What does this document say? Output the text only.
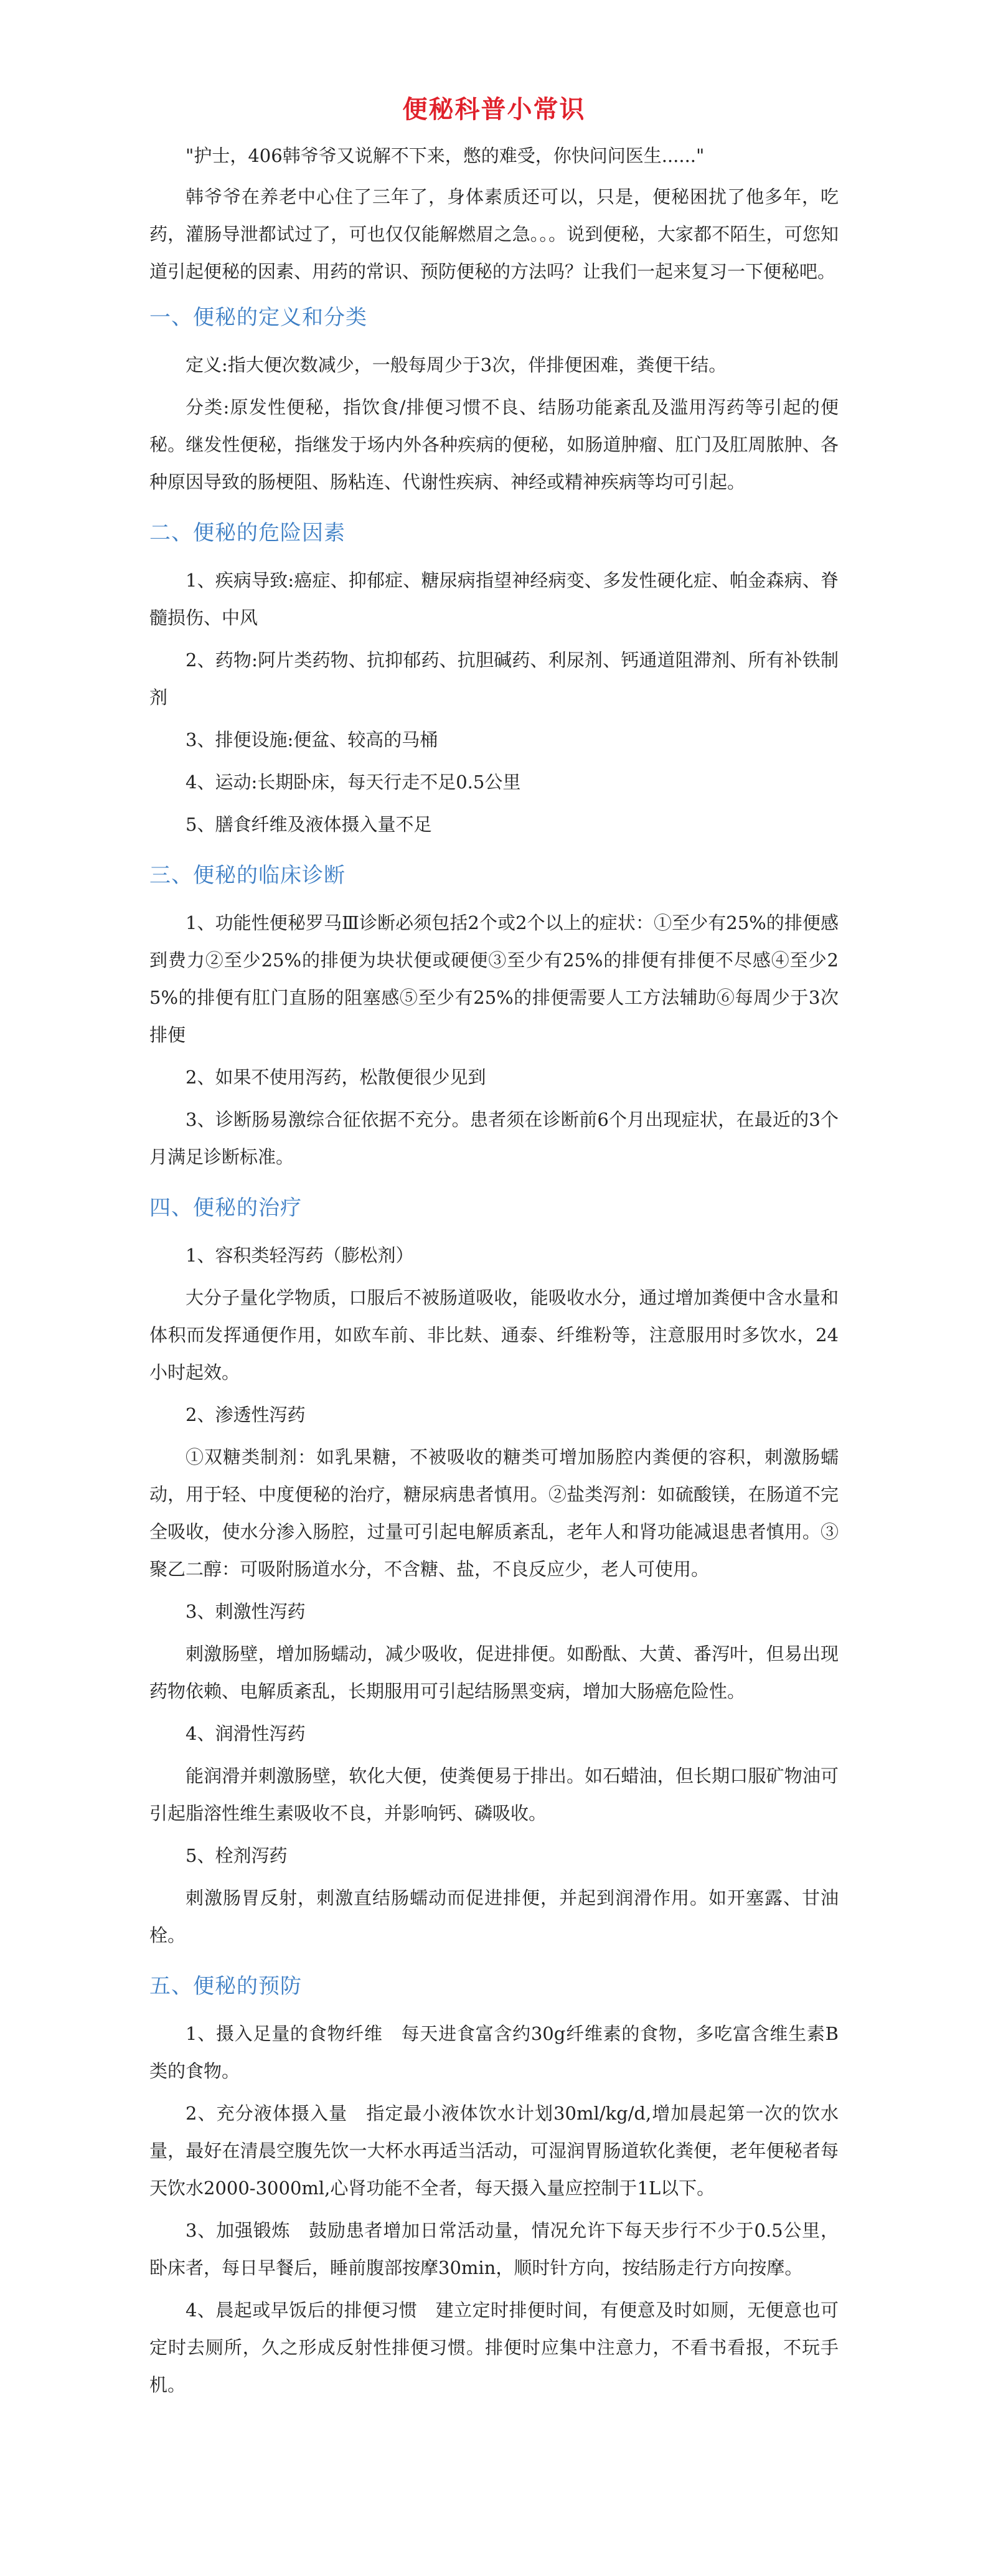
便秘科普小常识

"护士，406韩爷爷又说解不下来，憋的难受，你快问问医生......"

韩爷爷在养老中心住了三年了，身体素质还可以，只是，便秘困扰了他多年，吃药，灌肠导泄都试过了，可也仅仅能解燃眉之急。。。说到便秘，大家都不陌生，可您知道引起便秘的因素、用药的常识、预防便秘的方法吗？让我们一起来复习一下便秘吧。

一、便秘的定义和分类

定义:指大便次数减少，一般每周少于3次，伴排便困难，粪便干结。

分类:原发性便秘，指饮食/排便习惯不良、结肠功能紊乱及滥用泻药等引起的便秘。继发性便秘，指继发于场内外各种疾病的便秘，如肠道肿瘤、肛门及肛周脓肿、各种原因导致的肠梗阻、肠粘连、代谢性疾病、神经或精神疾病等均可引起。

二、便秘的危险因素

1、疾病导致:癌症、抑郁症、糖尿病指望神经病变、多发性硬化症、帕金森病、脊髓损伤、中风

2、药物:阿片类药物、抗抑郁药、抗胆碱药、利尿剂、钙通道阻滞剂、所有补铁制剂

3、排便设施:便盆、较高的马桶

4、运动:长期卧床，每天行走不足0.5公里

5、膳食纤维及液体摄入量不足

三、便秘的临床诊断

1、功能性便秘罗马Ⅲ诊断必须包括2个或2个以上的症状：①至少有25%的排便感到费力②至少25%的排便为块状便或硬便③至少有25%的排便有排便不尽感④至少25%的排便有肛门直肠的阻塞感⑤至少有25%的排便需要人工方法辅助⑥每周少于3次排便

2、如果不使用泻药，松散便很少见到

3、诊断肠易激综合征依据不充分。患者须在诊断前6个月出现症状，在最近的3个月满足诊断标准。

四、便秘的治疗

1、容积类轻泻药（膨松剂）

大分子量化学物质，口服后不被肠道吸收，能吸收水分，通过增加粪便中含水量和体积而发挥通便作用，如欧车前、非比麸、通泰、纤维粉等，注意服用时多饮水，24小时起效。

2、渗透性泻药

①双糖类制剂：如乳果糖，不被吸收的糖类可增加肠腔内粪便的容积，刺激肠蠕动，用于轻、中度便秘的治疗，糖尿病患者慎用。②盐类泻剂：如硫酸镁，在肠道不完全吸收，使水分渗入肠腔，过量可引起电解质紊乱，老年人和肾功能减退患者慎用。③聚乙二醇：可吸附肠道水分，不含糖、盐，不良反应少，老人可使用。

3、刺激性泻药

刺激肠壁，增加肠蠕动，减少吸收，促进排便。如酚酞、大黄、番泻叶，但易出现药物依赖、电解质紊乱，长期服用可引起结肠黑变病，增加大肠癌危险性。

4、润滑性泻药

能润滑并刺激肠壁，软化大便，使粪便易于排出。如石蜡油，但长期口服矿物油可引起脂溶性维生素吸收不良，并影响钙、磷吸收。

5、栓剂泻药

刺激肠胃反射，刺激直结肠蠕动而促进排便，并起到润滑作用。如开塞露、甘油栓。

五、便秘的预防

1、摄入足量的食物纤维　每天进食富含约30g纤维素的食物，多吃富含维生素B类的食物。

2、充分液体摄入量　指定最小液体饮水计划30ml/kg/d,增加晨起第一次的饮水量，最好在清晨空腹先饮一大杯水再适当活动，可湿润胃肠道软化粪便，老年便秘者每天饮水2000-3000ml,心肾功能不全者，每天摄入量应控制于1L以下。

3、加强锻炼　鼓励患者增加日常活动量，情况允许下每天步行不少于0.5公里，卧床者，每日早餐后，睡前腹部按摩30min，顺时针方向，按结肠走行方向按摩。

4、晨起或早饭后的排便习惯　建立定时排便时间，有便意及时如厕，无便意也可定时去厕所，久之形成反射性排便习惯。排便时应集中注意力，不看书看报，不玩手机。
